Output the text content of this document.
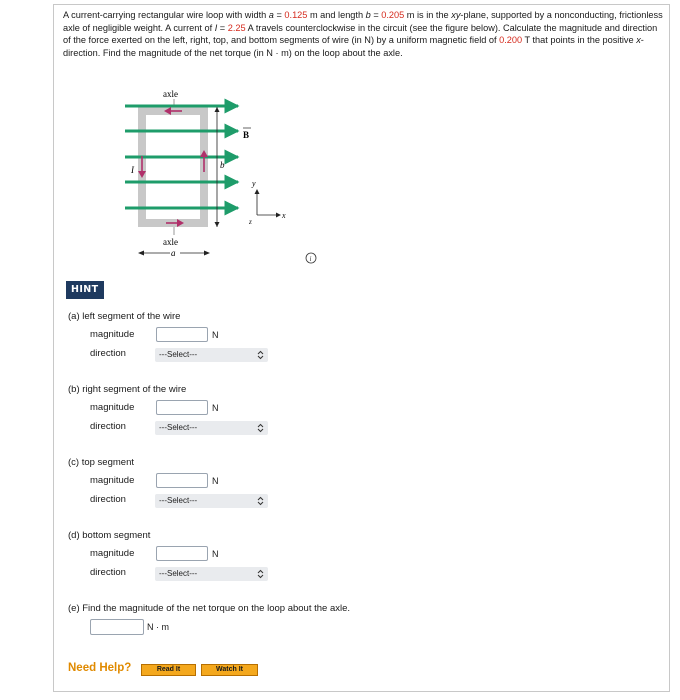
A current-carrying rectangular wire loop with width a = 0.125 m and length b = 0.205 m is in the xy-plane, supported by a nonconducting, frictionless axle of negligible weight. A current of I = 2.25 A travels counterclockwise in the circuit (see the figure below). Calculate the magnitude and direction of the force exerted on the left, right, top, and bottom segments of wire (in N) by a uniform magnetic field of 0.200 T that points in the positive x-direction. Find the magnitude of the net torque (in N · m) on the loop about the axle.

axle
B
I	b
axle
a
y
x
z
i
HINT
(a) left segment of the wire
magnitude	N
direction	---Select---
(b) right segment of the wire
magnitude	N
direction	---Select---
(c) top segment
magnitude	N
direction	---Select---
(d) bottom segment
magnitude	N
direction	---Select---
(e) Find the magnitude of the net torque on the loop about the axle.
N · m
Need Help?	Read It	Watch It
